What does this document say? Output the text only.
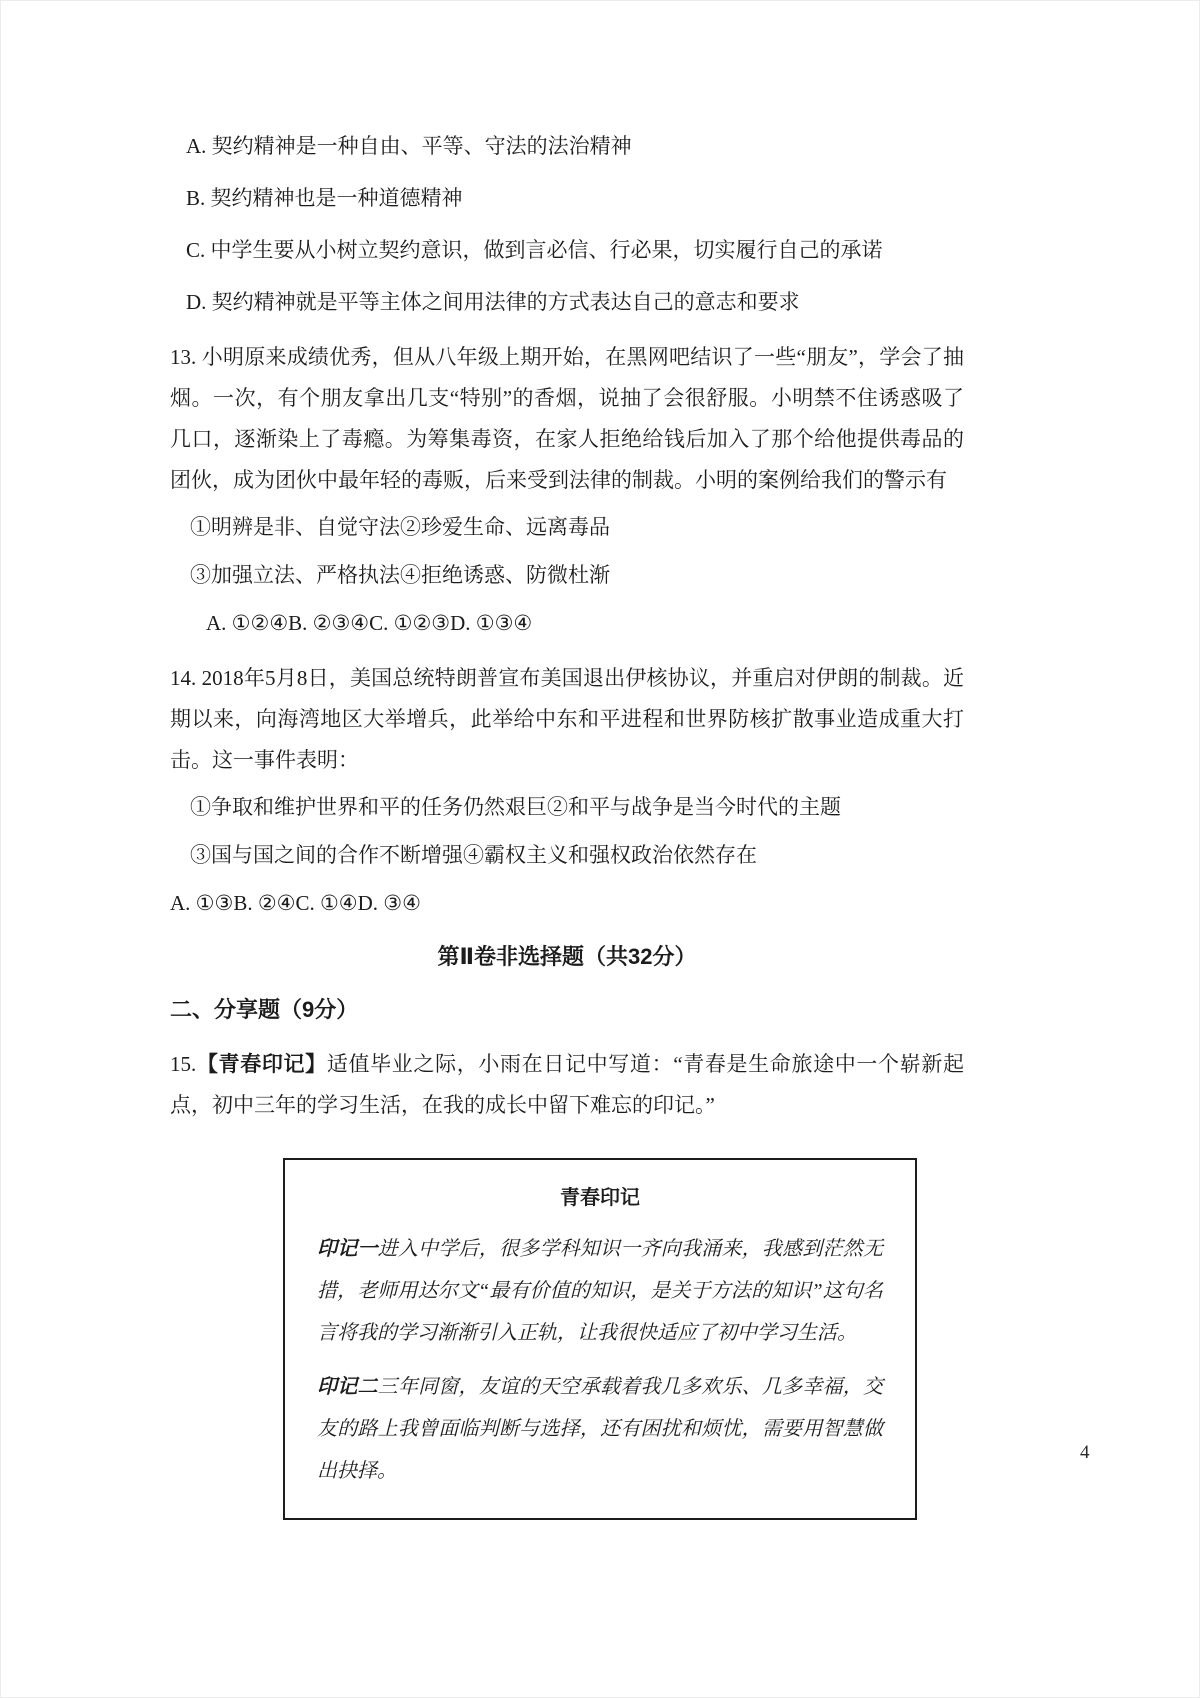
A. 契约精神是一种自由、平等、守法的法治精神
B. 契约精神也是一种道德精神
C. 中学生要从小树立契约意识，做到言必信、行必果，切实履行自己的承诺
D. 契约精神就是平等主体之间用法律的方式表达自己的意志和要求
13. 小明原来成绩优秀，但从八年级上期开始，在黑网吧结识了一些“朋友”，学会了抽烟。一次，有个朋友拿出几支“特别”的香烟，说抽了会很舒服。小明禁不住诱惑吸了几口，逐渐染上了毒瘾。为筹集毒资，在家人拒绝给钱后加入了那个给他提供毒品的团伙，成为团伙中最年轻的毒贩，后来受到法律的制裁。小明的案例给我们的警示有
①明辨是非、自觉守法②珍爱生命、远离毒品
③加强立法、严格执法④拒绝诱惑、防微杜渐
A. ①②④B. ②③④C. ①②③D. ①③④
14. 2018年5月8日，美国总统特朗普宣布美国退出伊核协议，并重启对伊朗的制裁。近期以来，向海湾地区大举增兵，此举给中东和平进程和世界防核扩散事业造成重大打击。这一事件表明：
①争取和维护世界和平的任务仍然艰巨②和平与战争是当今时代的主题
③国与国之间的合作不断增强④霸权主义和强权政治依然存在
A. ①③B. ②④C. ①④D. ③④
第Ⅱ卷非选择题（共32分）
二、分享题（9分）
15.【青春印记】适值毕业之际，小雨在日记中写道：“青春是生命旅途中一个崭新起点，初中三年的学习生活，在我的成长中留下难忘的印记。”
青春印记
印记一进入中学后，很多学科知识一齐向我涌来，我感到茫然无措，老师用达尔文“最有价值的知识，是关于方法的知识”这句名言将我的学习渐渐引入正轨，让我很快适应了初中学习生活。
印记二三年同窗，友谊的天空承载着我几多欢乐、几多幸福，交友的路上我曾面临判断与选择，还有困扰和烦忧，需要用智慧做出抉择。
4
